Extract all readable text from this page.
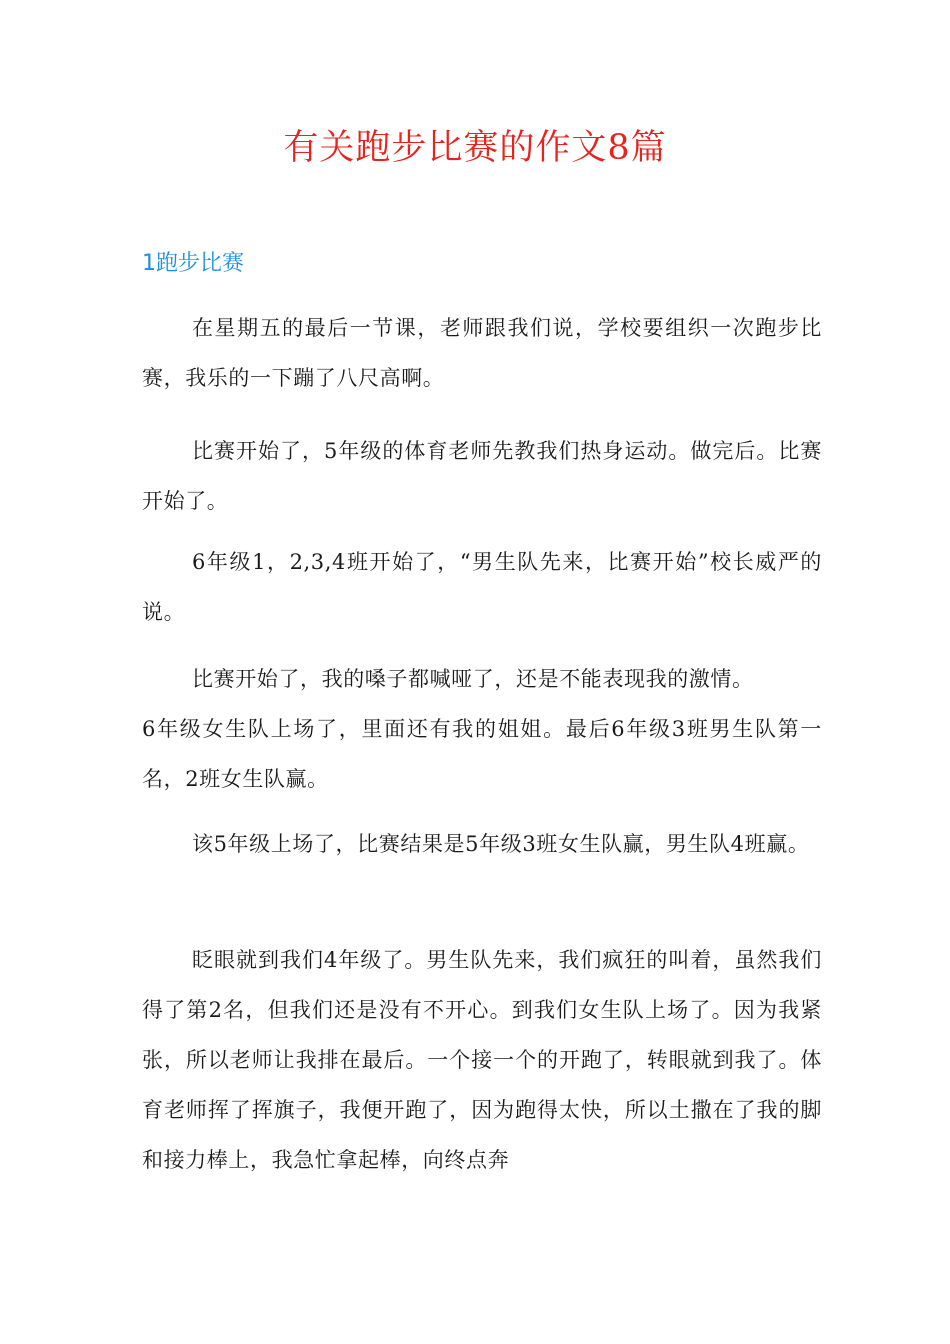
有关跑步比赛的作文8篇
1跑步比赛

在星期五的最后一节课，老师跟我们说，学校要组织一次跑步比赛，我乐的一下蹦了八尺高啊。

比赛开始了，5年级的体育老师先教我们热身运动。做完后。比赛开始了。

6年级1，2,3,4班开始了，“男生队先来，比赛开始”校长威严的说。

比赛开始了，我的嗓子都喊哑了，还是不能表现我的激情。

6年级女生队上场了，里面还有我的姐姐。最后6年级3班男生队第一名，2班女生队赢。

该5年级上场了，比赛结果是5年级3班女生队赢，男生队4班赢。

眨眼就到我们4年级了。男生队先来，我们疯狂的叫着，虽然我们得了第2名，但我们还是没有不开心。到我们女生队上场了。因为我紧张，所以老师让我排在最后。一个接一个的开跑了，转眼就到我了。体育老师挥了挥旗子，我便开跑了，因为跑得太快，所以土撒在了我的脚和接力棒上，我急忙拿起棒，向终点奔
